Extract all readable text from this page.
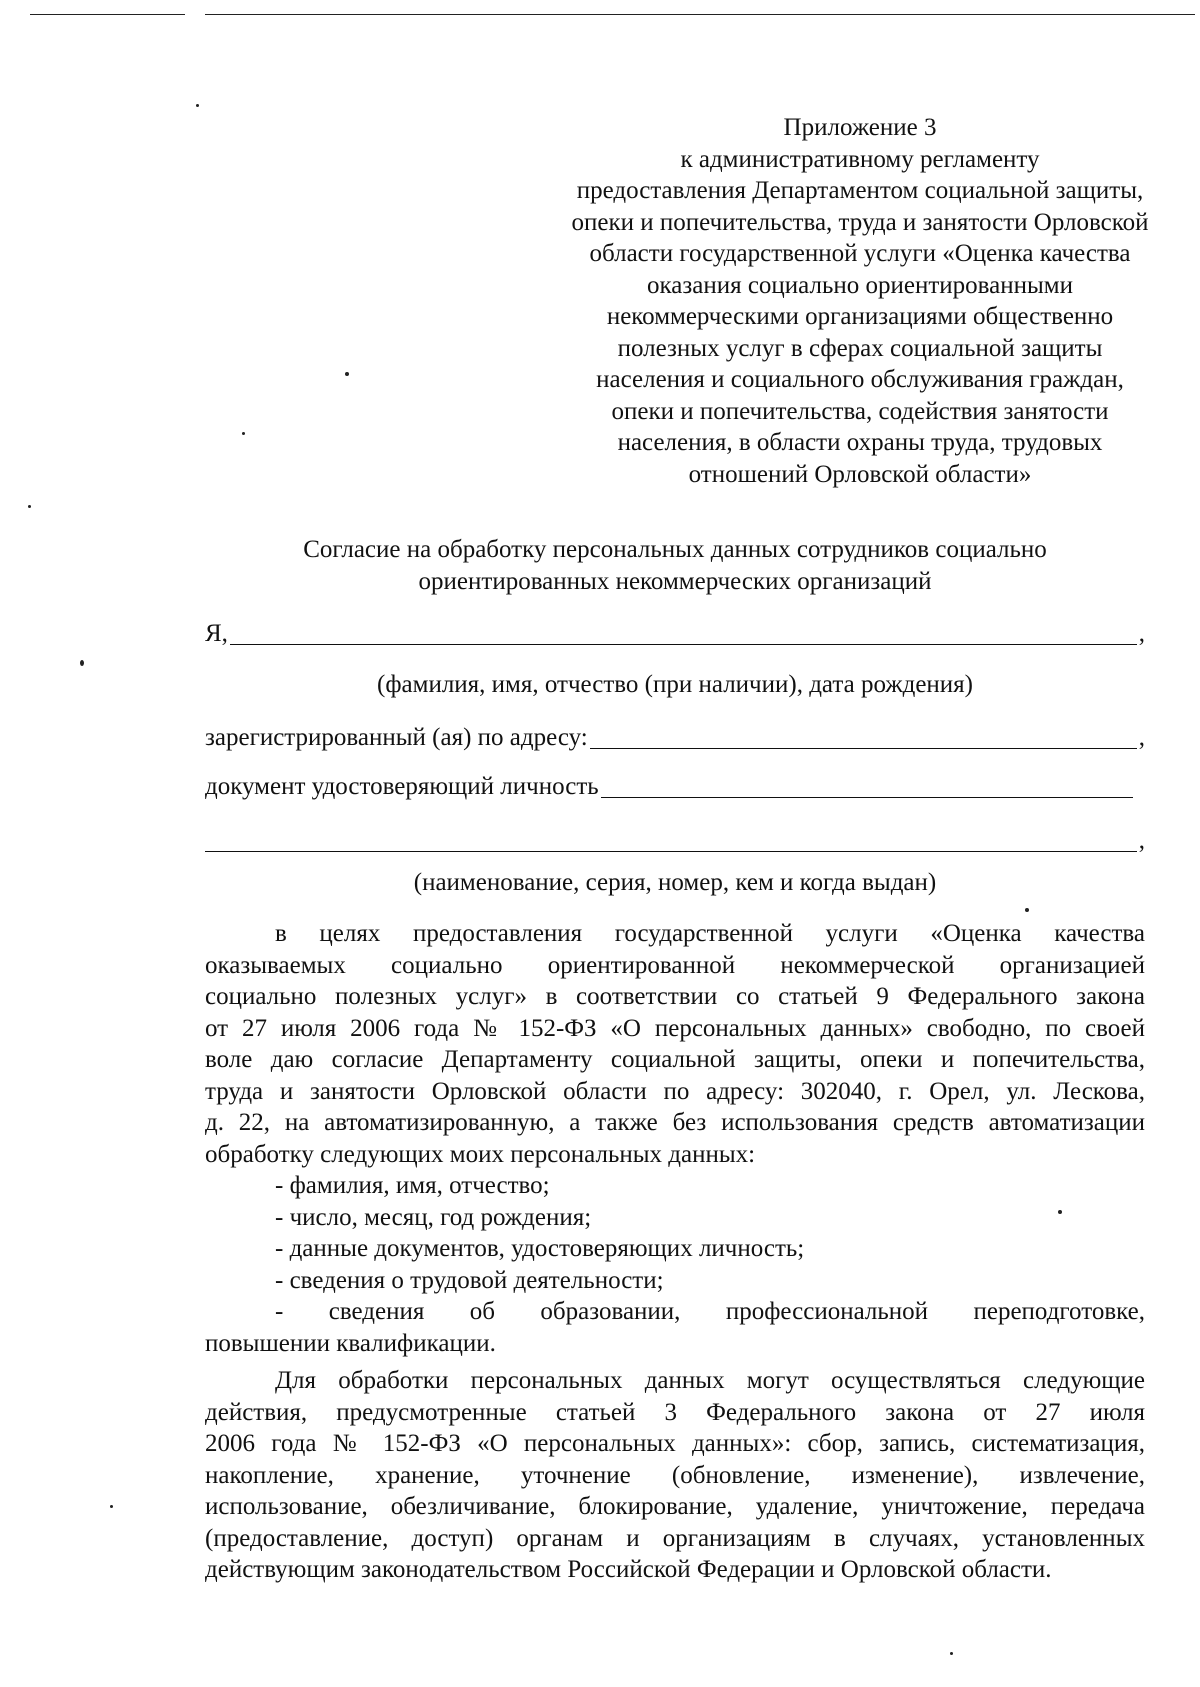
Приложение 3
к административному регламенту
предоставления Департаментом социальной защиты,
опеки и попечительства, труда и занятости Орловской
области государственной услуги «Оценка качества
оказания социально ориентированными
некоммерческими организациями общественно
полезных услуг в сферах социальной защиты
населения и социального обслуживания граждан,
опеки и попечительства, содействия занятости
населения, в области охраны труда, трудовых
отношений Орловской области»
Согласие на обработку персональных данных сотрудников социально
ориентированных некоммерческих организаций
Я,	,
(фамилия, имя, отчество (при наличии), дата рождения)
зарегистрированный (ая) по адресу:	,
документ удостоверяющий личность
,
(наименование, серия, номер, кем и когда выдан)
в целях предоставления государственной услуги «Оценка качества
оказываемых социально ориентированной некоммерческой организацией
социально полезных услуг» в соответствии со статьей 9 Федерального закона
от 27 июля 2006 года № 152-ФЗ «О персональных данных» свободно, по своей
воле даю согласие Департаменту социальной защиты, опеки и попечительства,
труда и занятости Орловской области по адресу: 302040, г. Орел, ул. Лескова,
д. 22, на автоматизированную, а также без использования средств автоматизации
обработку следующих моих персональных данных:
- фамилия, имя, отчество;
- число, месяц, год рождения;
- данные документов, удостоверяющих личность;
- сведения о трудовой деятельности;
- сведения об образовании, профессиональной переподготовке,
повышении квалификации.
Для обработки персональных данных могут осуществляться следующие
действия, предусмотренные статьей 3 Федерального закона от 27 июля
2006 года № 152-ФЗ «О персональных данных»: сбор, запись, систематизация,
накопление, хранение, уточнение (обновление, изменение), извлечение,
использование, обезличивание, блокирование, удаление, уничтожение, передача
(предоставление, доступ) органам и организациям в случаях, установленных
действующим законодательством Российской Федерации и Орловской области.
